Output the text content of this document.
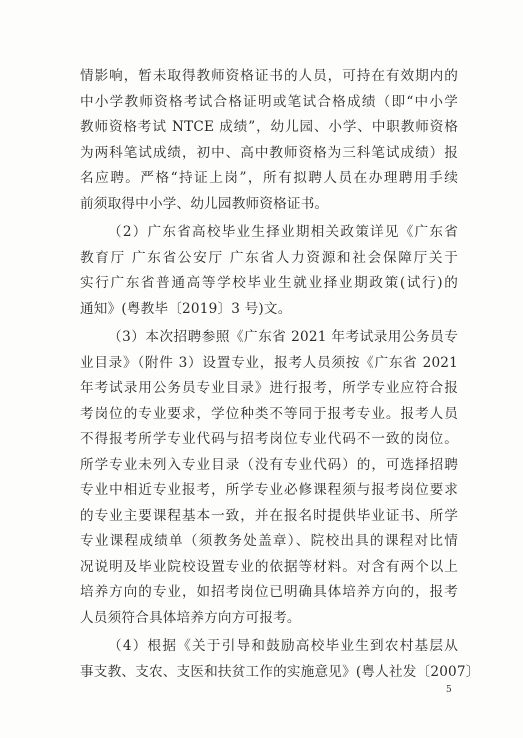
情影响，暂未取得教师资格证书的人员，可持在有效期内的
中小学教师资格考试合格证明或笔试合格成绩（即“中小学
教师资格考试 NTCE 成绩”，幼儿园、小学、中职教师资格
为两科笔试成绩，初中、高中教师资格为三科笔试成绩）报
名应聘。严格“持证上岗”，所有拟聘人员在办理聘用手续
前须取得中小学、幼儿园教师资格证书。
（2）广东省高校毕业生择业期相关政策详见《广东省
教育厅 广东省公安厅 广东省人力资源和社会保障厅关于
实行广东省普通高等学校毕业生就业择业期政策(试行)的
通知》(粤教毕〔2019〕3 号)文。
（3）本次招聘参照《广东省 2021 年考试录用公务员专
业目录》（附件 3）设置专业，报考人员须按《广东省 2021
年考试录用公务员专业目录》进行报考，所学专业应符合报
考岗位的专业要求，学位种类不等同于报考专业。报考人员
不得报考所学专业代码与招考岗位专业代码不一致的岗位。
所学专业未列入专业目录（没有专业代码）的，可选择招聘
专业中相近专业报考，所学专业必修课程须与报考岗位要求
的专业主要课程基本一致，并在报名时提供毕业证书、所学
专业课程成绩单（须教务处盖章）、院校出具的课程对比情
况说明及毕业院校设置专业的依据等材料。对含有两个以上
培养方向的专业，如招考岗位已明确具体培养方向的，报考
人员须符合具体培养方向方可报考。
（4）根据《关于引导和鼓励高校毕业生到农村基层从
事支教、支农、支医和扶贫工作的实施意见》(粤人社发〔2007〕
5
